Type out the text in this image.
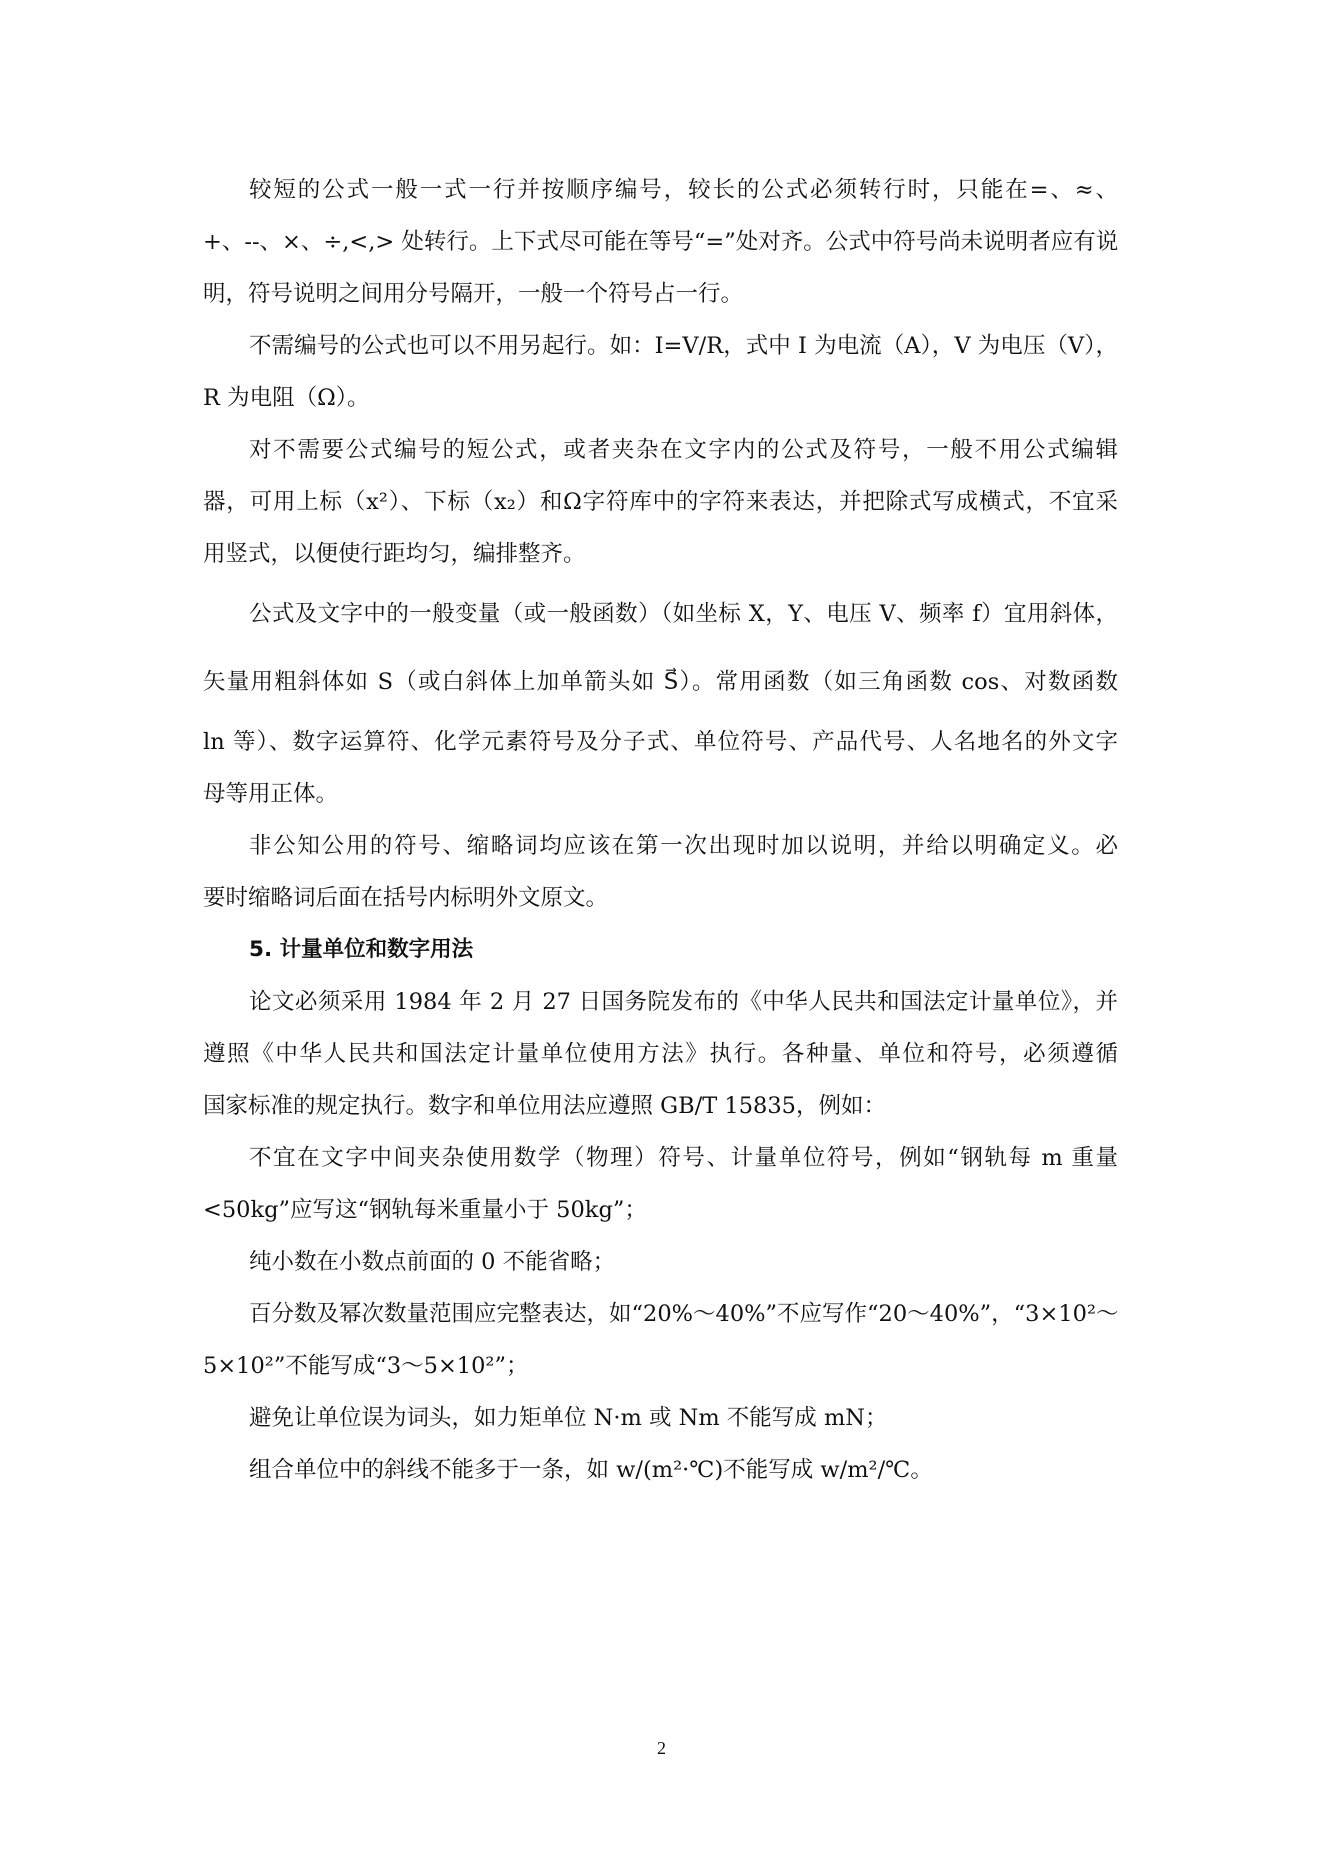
较短的公式一般一式一行并按顺序编号，较长的公式必须转行时，只能在=、≈、
+、--、×、÷,<,> 处转行。上下式尽可能在等号“=”处对齐。公式中符号尚未说明者应有说
明，符号说明之间用分号隔开，一般一个符号占一行。
不需编号的公式也可以不用另起行。如：I=V/R，式中 I 为电流（A），V 为电压（V），
R 为电阻（Ω）。
对不需要公式编号的短公式，或者夹杂在文字内的公式及符号，一般不用公式编辑
器，可用上标（x²）、下标（x₂）和Ω字符库中的字符来表达，并把除式写成横式，不宜采
用竖式，以便使行距均匀，编排整齐。
公式及文字中的一般变量（或一般函数）（如坐标 X，Y、电压 V、频率 f）宜用斜体，
矢量用粗斜体如 S（或白斜体上加单箭头如 S⃗）。常用函数（如三角函数 cos、对数函数
ln 等）、数字运算符、化学元素符号及分子式、单位符号、产品代号、人名地名的外文字
母等用正体。
非公知公用的符号、缩略词均应该在第一次出现时加以说明，并给以明确定义。必
要时缩略词后面在括号内标明外文原文。
5. 计量单位和数字用法
论文必须采用 1984 年 2 月 27 日国务院发布的《中华人民共和国法定计量单位》，并
遵照《中华人民共和国法定计量单位使用方法》执行。各种量、单位和符号，必须遵循
国家标准的规定执行。数字和单位用法应遵照 GB/T 15835，例如：
不宜在文字中间夹杂使用数学（物理）符号、计量单位符号，例如“钢轨每 m 重量
<50kg”应写这“钢轨每米重量小于 50kg”；
纯小数在小数点前面的 0 不能省略；
百分数及幂次数量范围应完整表达，如“20%～40%”不应写作“20～40%”，“3×10²～
5×10²”不能写成“3～5×10²”；
避免让单位误为词头，如力矩单位 N·m 或 Nm 不能写成 mN；
组合单位中的斜线不能多于一条，如 w/(m²·℃)不能写成 w/m²/℃。
2
